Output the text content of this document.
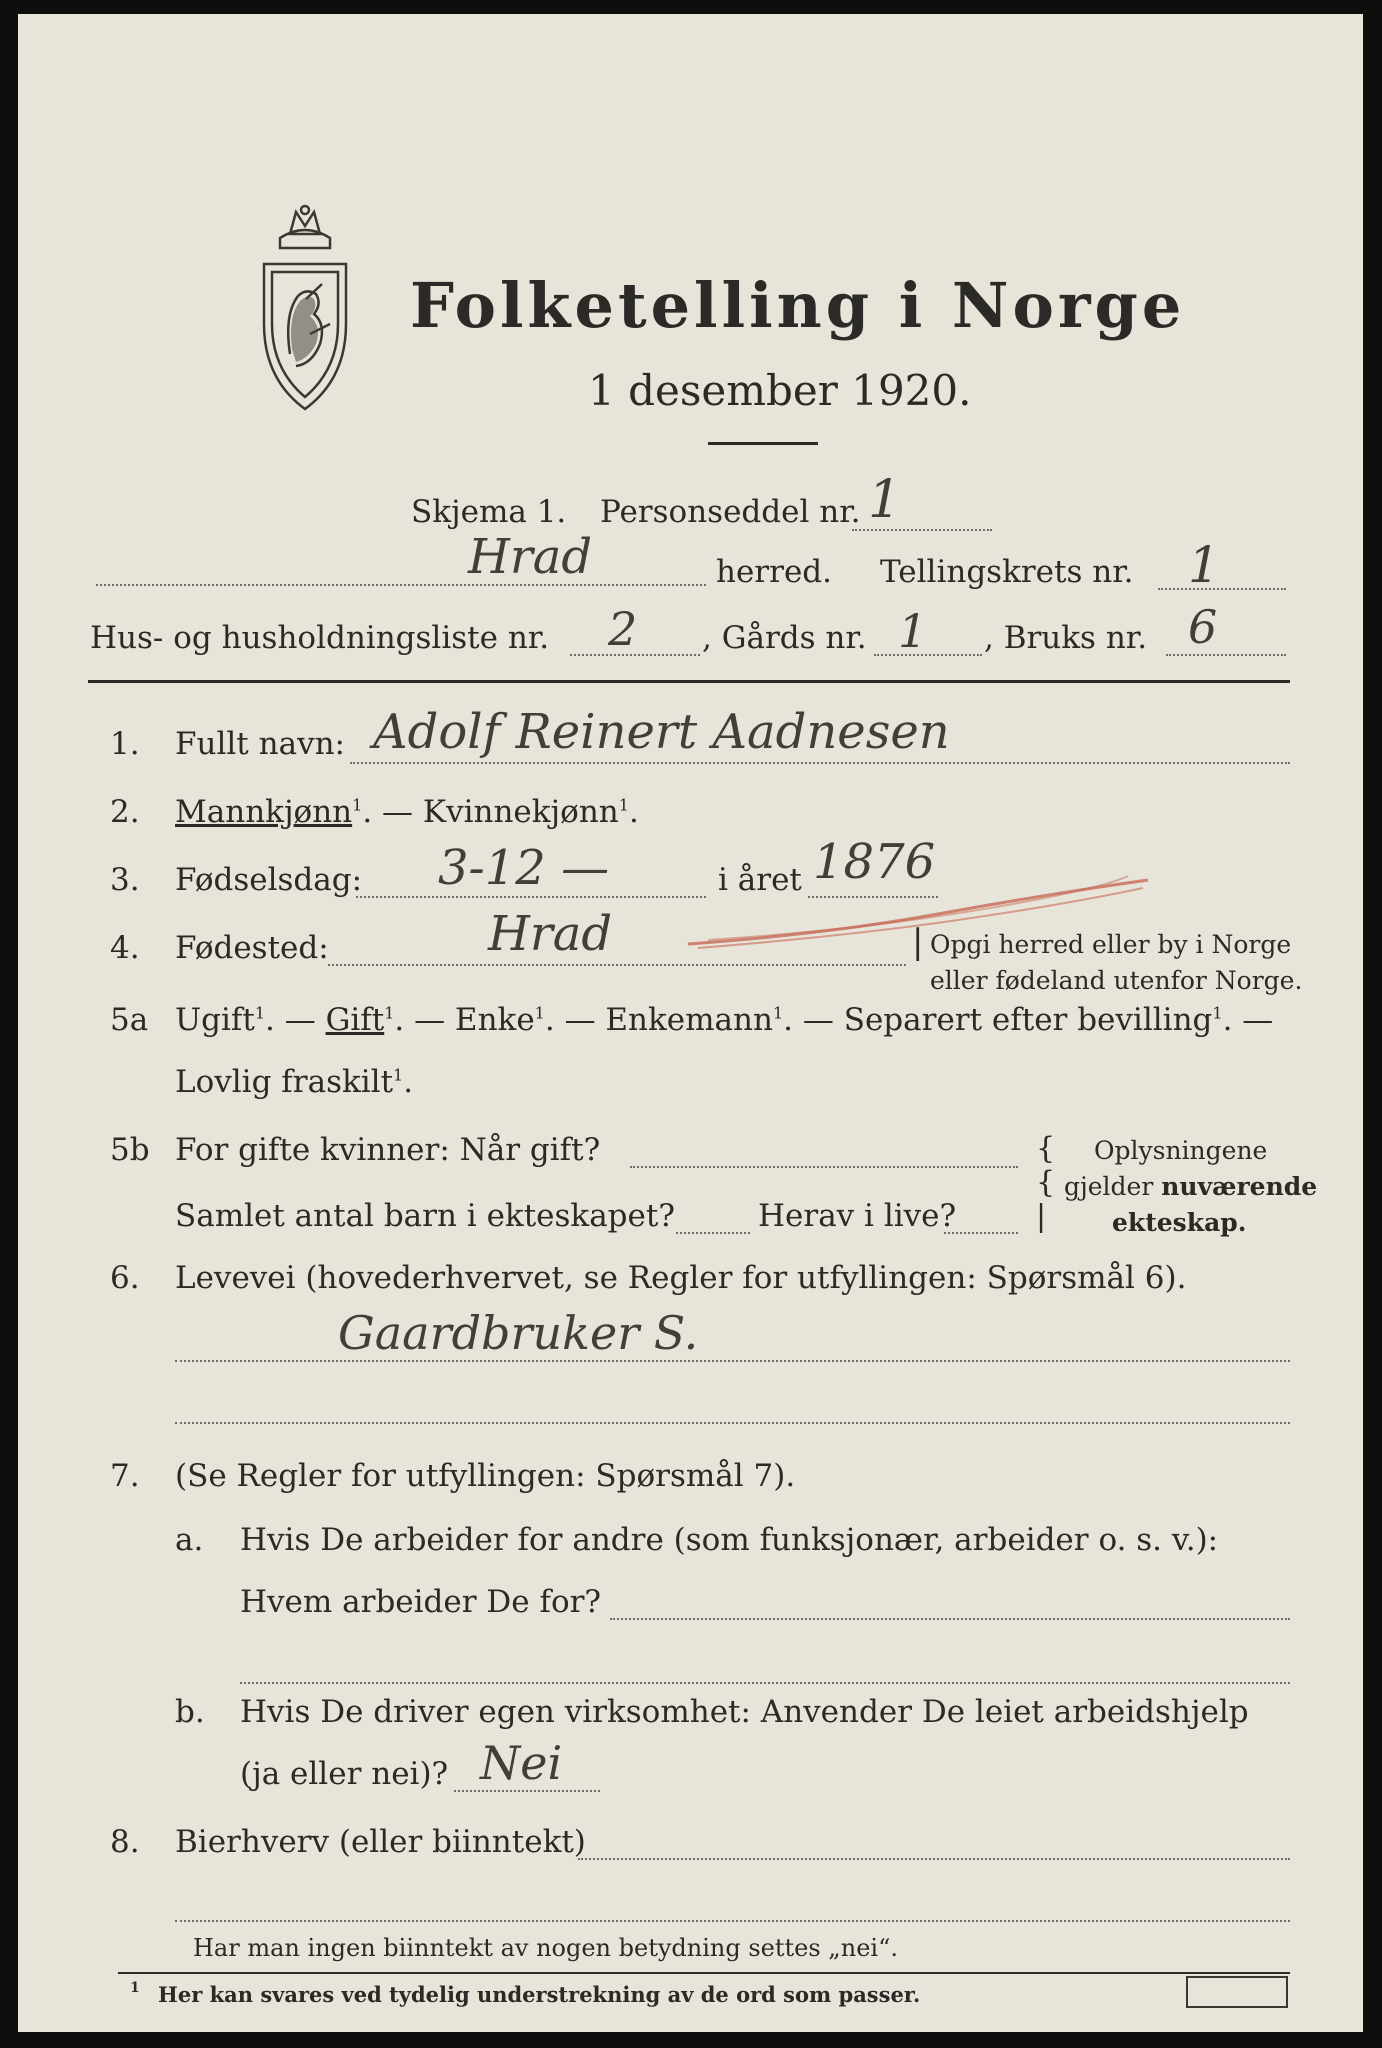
Folketelling i Norge
1 desember 1920.
Skjema 1. Personseddel nr. 1
Hrad	herred. Tellingskrets nr. 1
Hus- og husholdningsliste nr. 2 , Gårds nr. 1 , Bruks nr. 6
1. Fullt navn: Adolf Reinert Aadnesen
2. Mannkjønn$^1$. — Kvinnekjønn$^1$.
3. Fødselsdag: 3-12 —	i året 1876
4. Fødested:	Hrad	| Opgi herred eller by i Norge
eller fødeland utenfor Norge.
5a Ugift$^1$. — Gift$^1$. — Enke$^1$. — Enkemann$^1$. — Separert efter bevilling$^1$. —
Lovlig fraskilt$^1$.
5b For gifte kvinner: Når gift?
Samlet antal barn i ekteskapet?	Herav i live?
{
{
|
Oplysningene
gjelder nuværende
ekteskap.
6. Levevei (hovederhvervet, se Regler for utfyllingen: Spørsmål 6).
Gaardbruker S.
7. (Se Regler for utfyllingen: Spørsmål 7).
a. Hvis De arbeider for andre (som funksjonær, arbeider o. s. v.):
Hvem arbeider De for?
b. Hvis De driver egen virksomhet: Anvender De leiet arbeidshjelp
(ja eller nei)? Nei
8. Bierhverv (eller biinntekt)
Har man ingen biinntekt av nogen betydning settes „nei“.
1 Her kan svares ved tydelig understrekning av de ord som passer.
